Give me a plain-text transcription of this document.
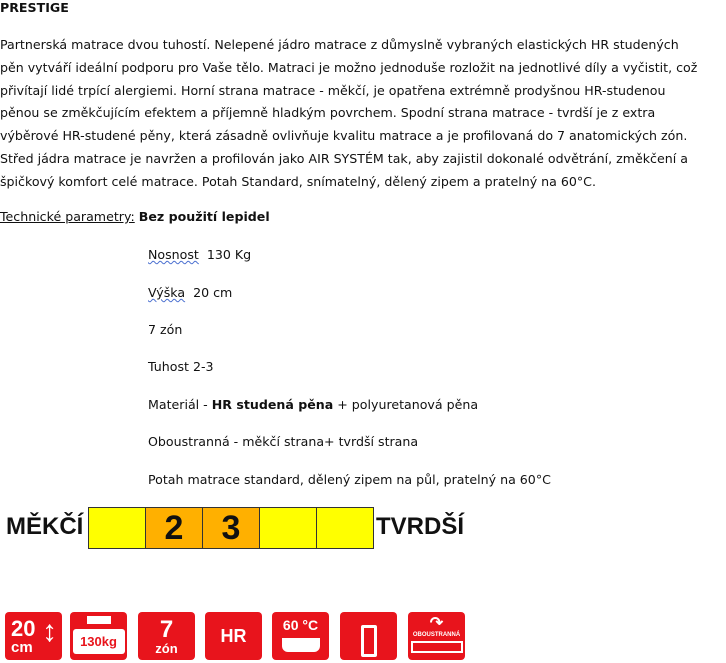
PRESTIGE
Partnerská matrace dvou tuhostí. Nelepené jádro matrace z důmyslně vybraných elastických HR studených
pěn vytváří ideální podporu pro Vaše tělo. Matraci je možno jednoduše rozložit na jednotlivé díly a vyčistit, což
přivítají lidé trpící alergiemi. Horní strana matrace - měkčí, je opatřena extrémně prodyšnou HR-studenou
pěnou se změkčujícím efektem a příjemně hladkým povrchem. Spodní strana matrace - tvrdší je z extra
výběrové HR-studené pěny, která zásadně ovlivňuje kvalitu matrace a je profilovaná do 7 anatomických zón.
Střed jádra matrace je navržen a profilován jako AIR SYSTÉM tak, aby zajistil dokonalé odvětrání, změkčení a
špičkový komfort celé matrace. Potah Standard, snímatelný, dělený zipem a pratelný na 60°C.
Technické parametry: Bez použití lepidel
Nosnost  130 Kg
Výška  20 cm
7 zón
Tuhost 2-3
Materiál - HR studená pěna + polyuretanová pěna
Oboustranná - měkčí strana+ tvrdší strana
Potah matrace standard, dělený zipem na půl, pratelný na 60°C
MĚKČÍ	2	3	TVRDŠÍ
20
cm ↕	130kg	7
zón
HR
60 °C	↷
OBOUSTRANNÁ
